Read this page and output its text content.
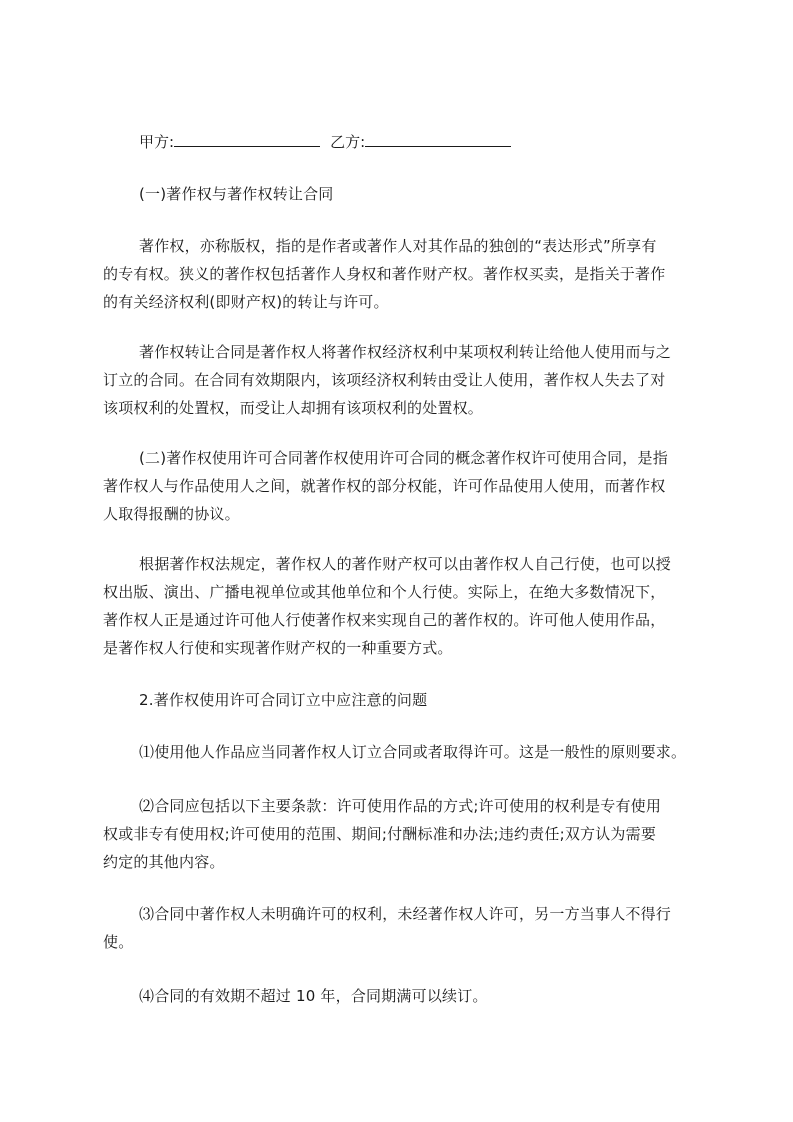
甲方:	乙方:

(一)著作权与著作权转让合同

著作权，亦称版权，指的是作者或著作人对其作品的独创的“表达形式”所享有
的专有权。狭义的著作权包括著作人身权和著作财产权。著作权买卖，是指关于著作
的有关经济权利(即财产权)的转让与许可。

著作权转让合同是著作权人将著作权经济权利中某项权利转让给他人使用而与之
订立的合同。在合同有效期限内，该项经济权利转由受让人使用，著作权人失去了对
该项权利的处置权，而受让人却拥有该项权利的处置权。

(二)著作权使用许可合同著作权使用许可合同的概念著作权许可使用合同，是指
著作权人与作品使用人之间，就著作权的部分权能，许可作品使用人使用，而著作权
人取得报酬的协议。

根据著作权法规定，著作权人的著作财产权可以由著作权人自己行使，也可以授
权出版、演出、广播电视单位或其他单位和个人行使。实际上，在绝大多数情况下，
著作权人正是通过许可他人行使著作权来实现自己的著作权的。许可他人使用作品，
是著作权人行使和实现著作财产权的一种重要方式。

2.著作权使用许可合同订立中应注意的问题

⑴使用他人作品应当同著作权人订立合同或者取得许可。这是一般性的原则要求。

⑵合同应包括以下主要条款：许可使用作品的方式;许可使用的权利是专有使用
权或非专有使用权;许可使用的范围、期间;付酬标准和办法;违约责任;双方认为需要
约定的其他内容。

⑶合同中著作权人未明确许可的权利，未经著作权人许可，另一方当事人不得行
使。

⑷合同的有效期不超过 10 年，合同期满可以续订。
